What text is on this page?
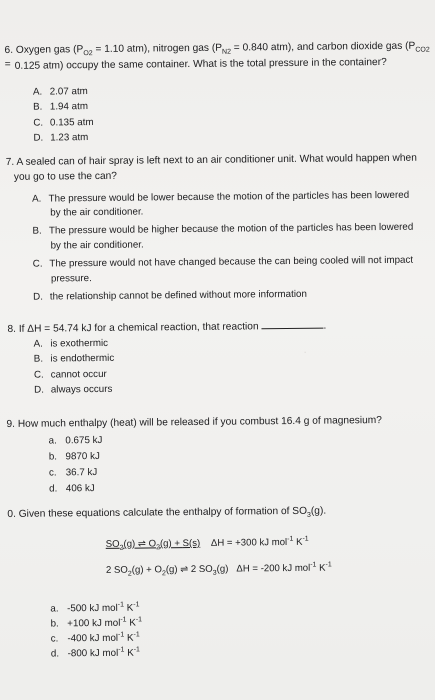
.
6. Oxygen gas ($P_{O2} = 1.10$ atm), nitrogen gas ($P_{N2} = 0.840$ atm), and carbon dioxide gas ($P_{CO2} = 0.125$ atm) occupy the same container. What is the total pressure in the container?
A. 2.07 atm
B. 1.94 atm
C. 0.135 atm
D. 1.23 atm
7. A sealed can of hair spray is left next to an air conditioner unit. What would happen when
you go to use the can?
A. The pressure would be lower because the motion of the particles has been lowered
by the air conditioner.
B. The pressure would be higher because the motion of the particles has been lowered
by the air conditioner.
C. The pressure would not have changed because the can being cooled will not impact
pressure.
D. the relationship cannot be defined without more information
8. If ΔH = 54.74 kJ for a chemical reaction, that reaction	.
A. is exothermic
B. is endothermic
C. cannot occur
D. always occurs
9. How much enthalpy (heat) will be released if you combust 16.4 g of magnesium?
a. 0.675 kJ
b. 9870 kJ
c. 36.7 kJ
d. 406 kJ
0. Given these equations calculate the enthalpy of formation of $SO_3(g)$.
$SO_2(g)$ ⇌ $O_2(g) + S(s) \Delta H = +300$ kJ mol$^{-1}$ $K^{-1}$
2 $SO_2(g) + O_2(g)$ ⇌ 2 $SO_3(g) \Delta H = -200$ kJ mol$^{-1}$ $K^{-1}$
a. -500 kJ mol$^{-1}$ $K^{-1}$
b. +100 kJ mol$^{-1}$ $K^{-1}$
c. -400 kJ mol$^{-1}$ $K^{-1}$
d. -800 kJ mol$^{-1}$ $K^{-1}$
